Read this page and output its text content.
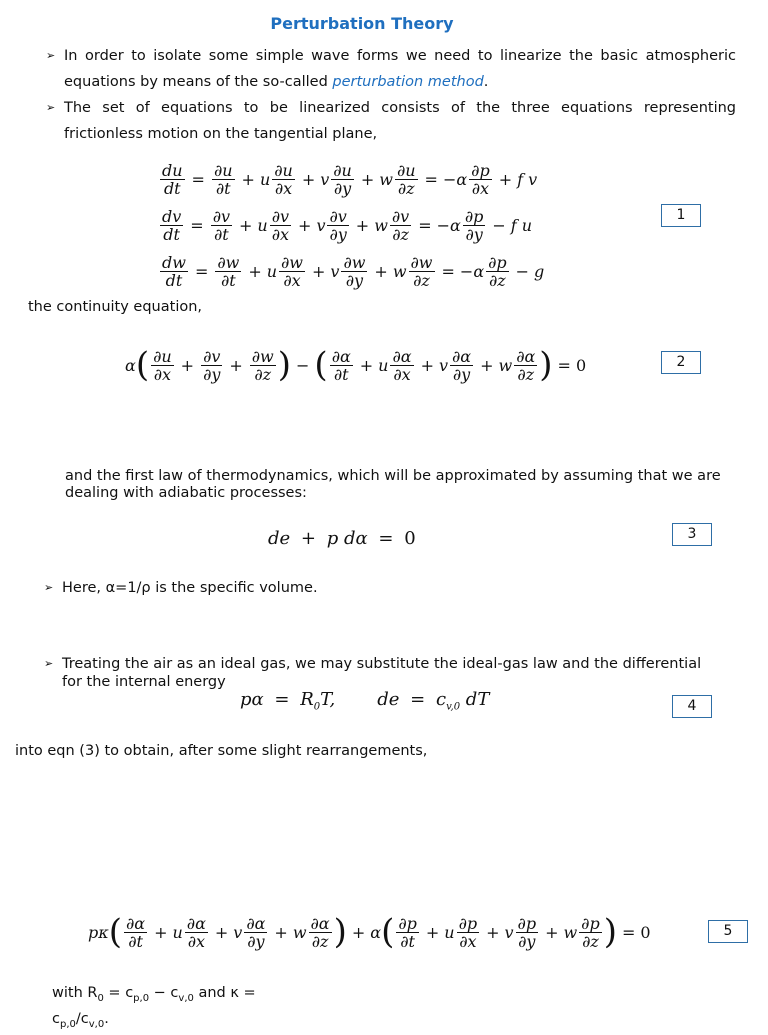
Perturbation Theory
➢ In order to isolate some simple wave forms we need to linearize the basic atmospheric equations by means of the so-called perturbation method.
➢ The set of equations to be linearized consists of the three equations representing frictionless motion on the tangential plane,
$\frac{du}{dt} = \frac{\partial u}{\partial t} + u \frac{\partial u}{\partial x} + v \frac{\partial u}{\partial y} + w \frac{\partial u}{\partial z} = -\alpha \frac{\partial p}{\partial x} + f$ v
$\frac{dv}{dt} = \frac{\partial v}{\partial t} + u \frac{\partial v}{\partial x} + v \frac{\partial v}{\partial y} + w \frac{\partial v}{\partial z} = -\alpha \frac{\partial p}{\partial y} - f$ u
$\frac{dw}{dt} = \frac{\partial w}{\partial t} + u \frac{\partial w}{\partial x} + v \frac{\partial w}{\partial y} + w \frac{\partial w}{\partial z} = -\alpha \frac{\partial p}{\partial z} - g$
1
the continuity equation,
α ( $\frac{\partial u}{\partial x} + \frac{\partial v}{\partial y} + \frac{\partial w}{\partial z}$ ) − ( $\frac{\partial\alpha}{\partial t} + u \frac{\partial\alpha}{\partial x} + v \frac{\partial\alpha}{\partial y} + w \frac{\partial\alpha}{\partial z}$ ) = 0	2
and the first law of thermodynamics, which will be approximated by assuming that we are dealing with adiabatic processes:
de + p dα = 0	3
➢ Here, α=1/ρ is the specific volume.
➢ Treating the air as an ideal gas, we may substitute the ideal-gas law and the differential for the internal energy
$p\alpha = R_0T$, de = $c_{v,0}$ dT	4
into eqn (3) to obtain, after some slight rearrangements,
pκ ( $\frac{\partial\alpha}{\partial t} + u \frac{\partial\alpha}{\partial x} + v \frac{\partial\alpha}{\partial y} + w \frac{\partial\alpha}{\partial z}$ ) + α ( $\frac{\partial p}{\partial t} + u \frac{\partial p}{\partial x} + v \frac{\partial p}{\partial y} + w \frac{\partial p}{\partial z}$ ) = 0	5
with $R_0 = c_{p,0} - c_{v,0}$ and $\kappa = c_{p,0}/c_{v,0}$.
